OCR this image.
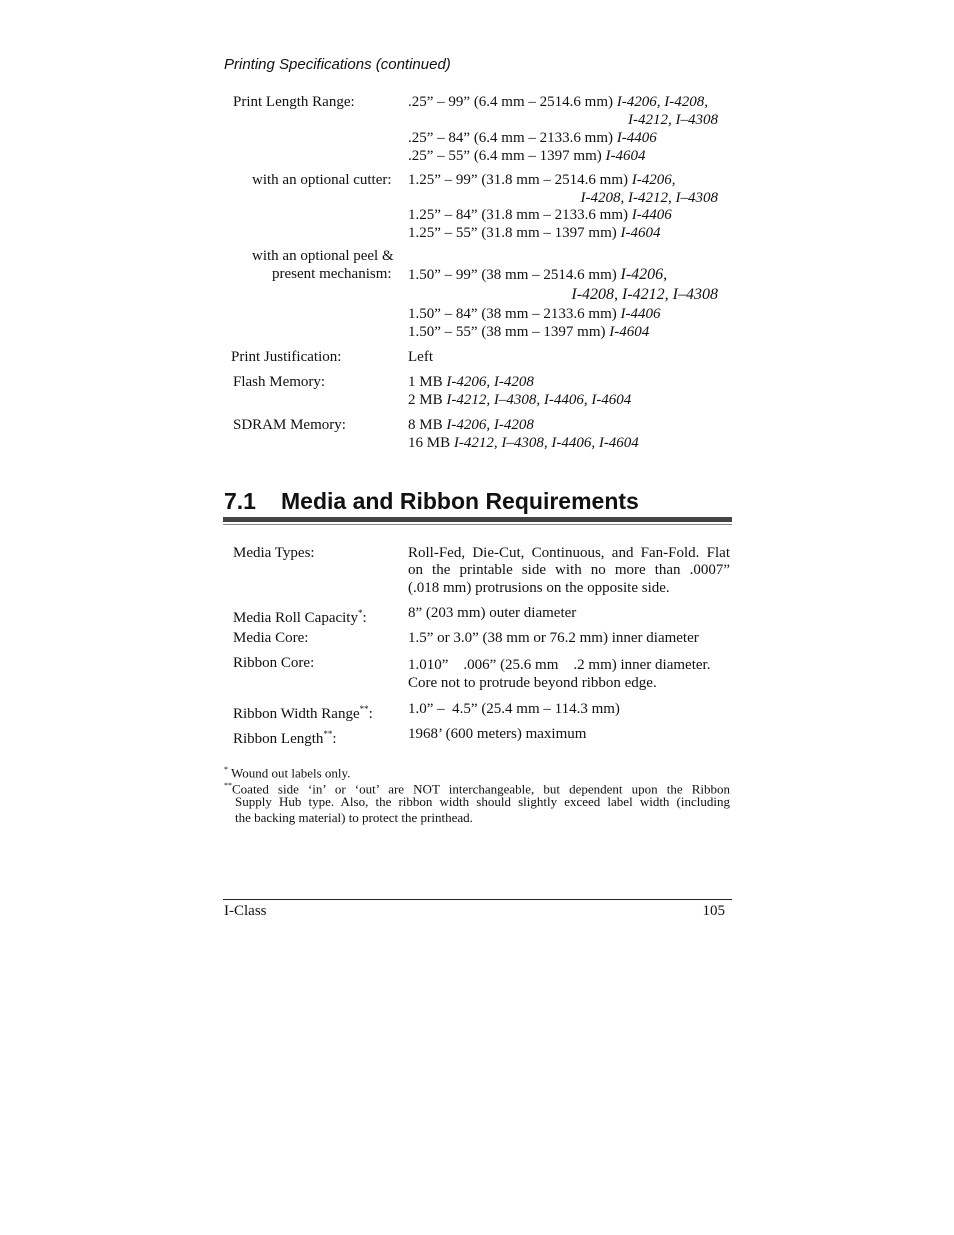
Printing Specifications (continued)
Print Length Range:	.25” – 99” (6.4 mm – 2514.6 mm) I-4206, I-4208,
I-4212, I–4308
.25” – 84” (6.4 mm – 2133.6 mm) I-4406
.25” – 55” (6.4 mm – 1397 mm) I-4604
with an optional cutter: 1.25” – 99” (31.8 mm – 2514.6 mm) I-4206,
I-4208, I-4212, I–4308
1.25” – 84” (31.8 mm – 2133.6 mm) I-4406
1.25” – 55” (31.8 mm – 1397 mm) I-4604
with an optional peel &
present mechanism: 1.50” – 99” (38 mm – 2514.6 mm) I-4206,
I-4208, I-4212, I–4308
1.50” – 84” (38 mm – 2133.6 mm) I-4406
1.50” – 55” (38 mm – 1397 mm) I-4604
Print Justification:	Left
Flash Memory:	1 MB I-4206, I-4208
2 MB I-4212, I–4308, I-4406, I-4604
SDRAM Memory:	8 MB I-4206, I-4208
16 MB I-4212, I–4308, I-4406, I-4604
7.1 Media and Ribbon Requirements
Media Types:	Roll-Fed, Die-Cut, Continuous, and Fan-Fold. Flat
on the printable side with no more than .0007”
(.018 mm) protrusions on the opposite side.
Media Roll Capacity*:	8” (203 mm) outer diameter
Media Core:	1.5” or 3.0” (38 mm or 76.2 mm) inner diameter
Ribbon Core:	1.010”    .006” (25.6 mm    .2 mm) inner diameter.
Core not to protrude beyond ribbon edge.
Ribbon Width Range**: 1.0” –  4.5” (25.4 mm – 114.3 mm)
Ribbon Length**:	1968’ (600 meters) maximum
* Wound out labels only.
**Coated side ‘in’ or ‘out’ are NOT interchangeable, but dependent upon the Ribbon
Supply Hub type. Also, the ribbon width should slightly exceed label width (including
the backing material) to protect the printhead.
I-Class	105
